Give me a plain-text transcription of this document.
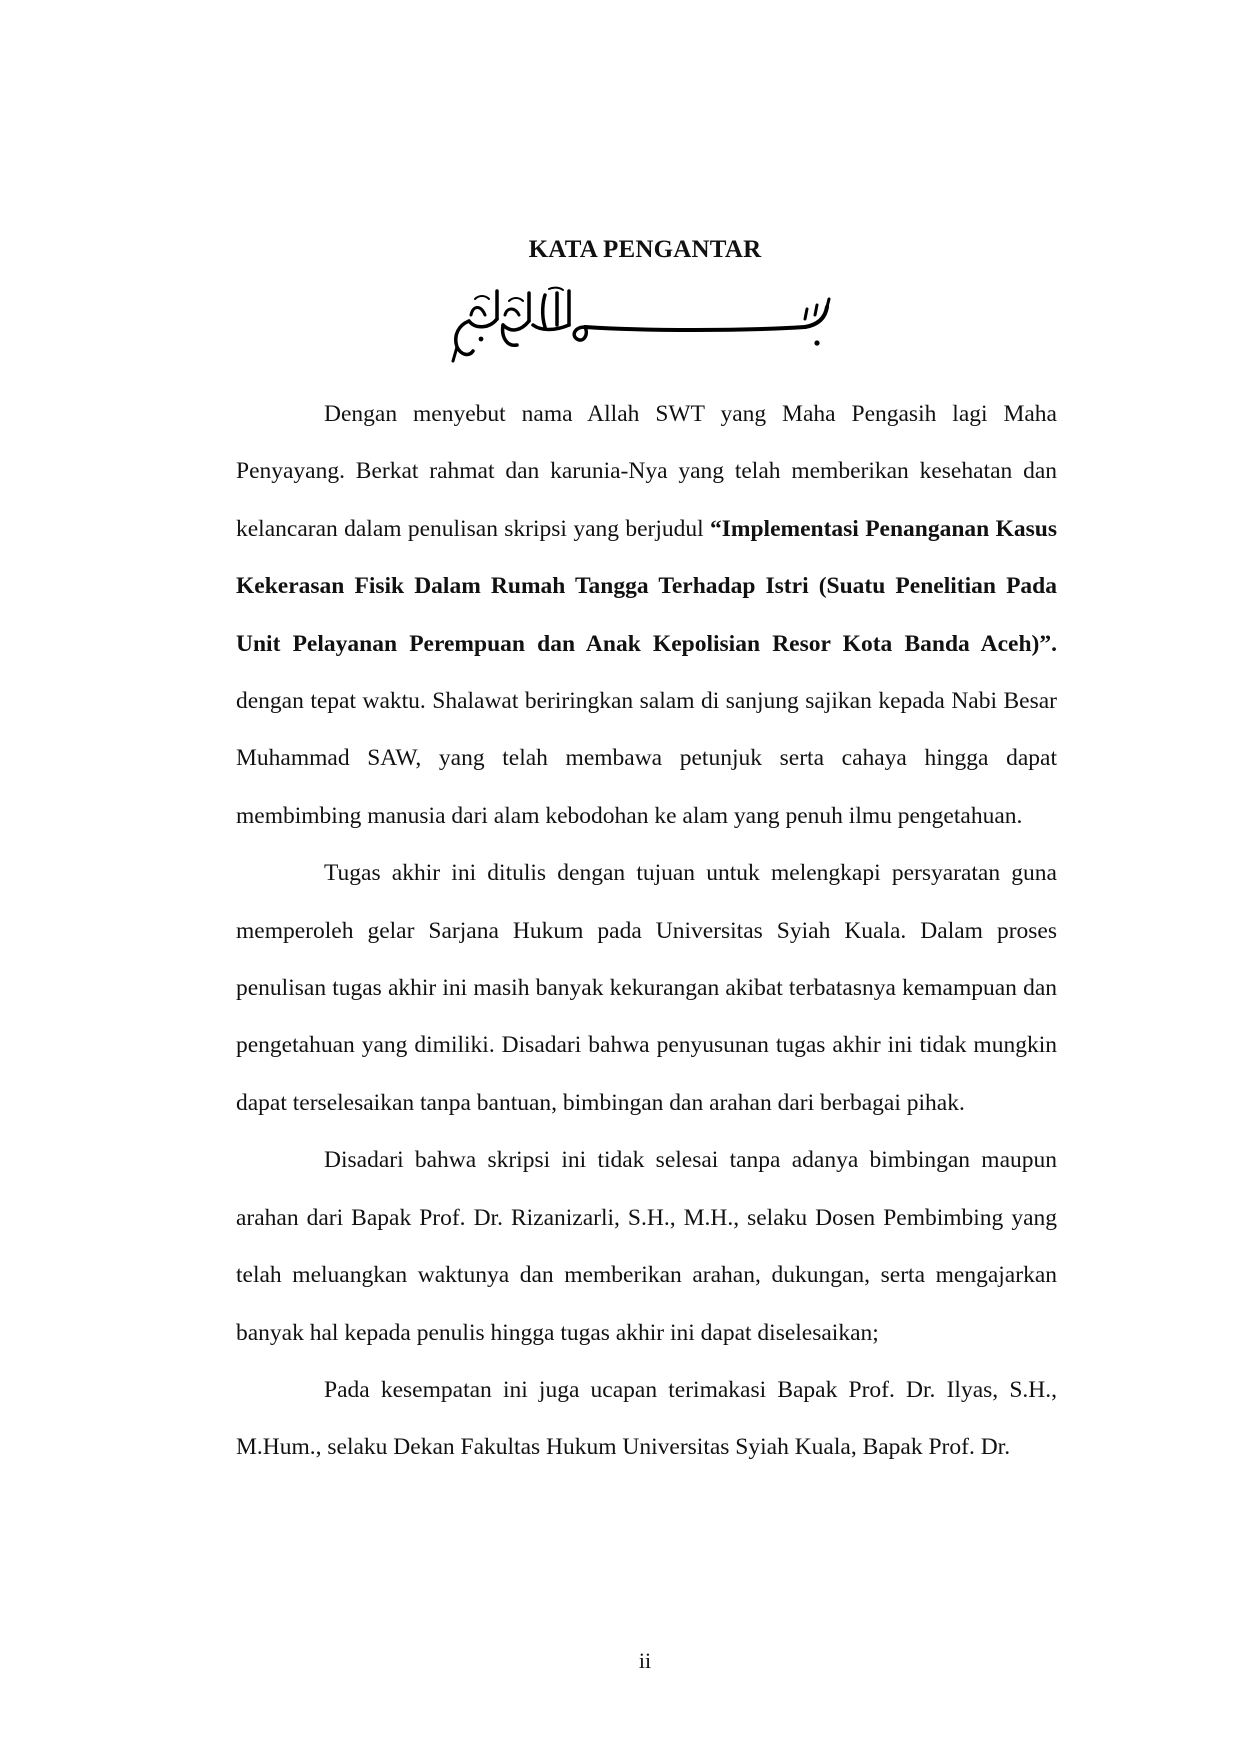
KATA PENGANTAR

Dengan menyebut nama Allah SWT yang Maha Pengasih lagi Maha Penyayang. Berkat rahmat dan karunia-Nya yang telah memberikan kesehatan dan kelancaran dalam penulisan skripsi yang berjudul “Implementasi Penanganan Kasus Kekerasan Fisik Dalam Rumah Tangga Terhadap Istri (Suatu Penelitian Pada Unit Pelayanan Perempuan dan Anak Kepolisian Resor Kota Banda Aceh)”. dengan tepat waktu. Shalawat beriringkan salam di sanjung sajikan kepada Nabi Besar Muhammad SAW, yang telah membawa petunjuk serta cahaya hingga dapat membimbing manusia dari alam kebodohan ke alam yang penuh ilmu pengetahuan.

Tugas akhir ini ditulis dengan tujuan untuk melengkapi persyaratan guna memperoleh gelar Sarjana Hukum pada Universitas Syiah Kuala. Dalam proses penulisan tugas akhir ini masih banyak kekurangan akibat terbatasnya kemampuan dan pengetahuan yang dimiliki. Disadari bahwa penyusunan tugas akhir ini tidak mungkin dapat terselesaikan tanpa bantuan, bimbingan dan arahan dari berbagai pihak.

Disadari bahwa skripsi ini tidak selesai tanpa adanya bimbingan maupun arahan dari Bapak Prof. Dr. Rizanizarli, S.H., M.H., selaku Dosen Pembimbing yang telah meluangkan waktunya dan memberikan arahan, dukungan, serta mengajarkan banyak hal kepada penulis hingga tugas akhir ini dapat diselesaikan;

Pada kesempatan ini juga ucapan terimakasi Bapak Prof. Dr. Ilyas, S.H., M.Hum., selaku Dekan Fakultas Hukum Universitas Syiah Kuala, Bapak Prof. Dr.

ii
